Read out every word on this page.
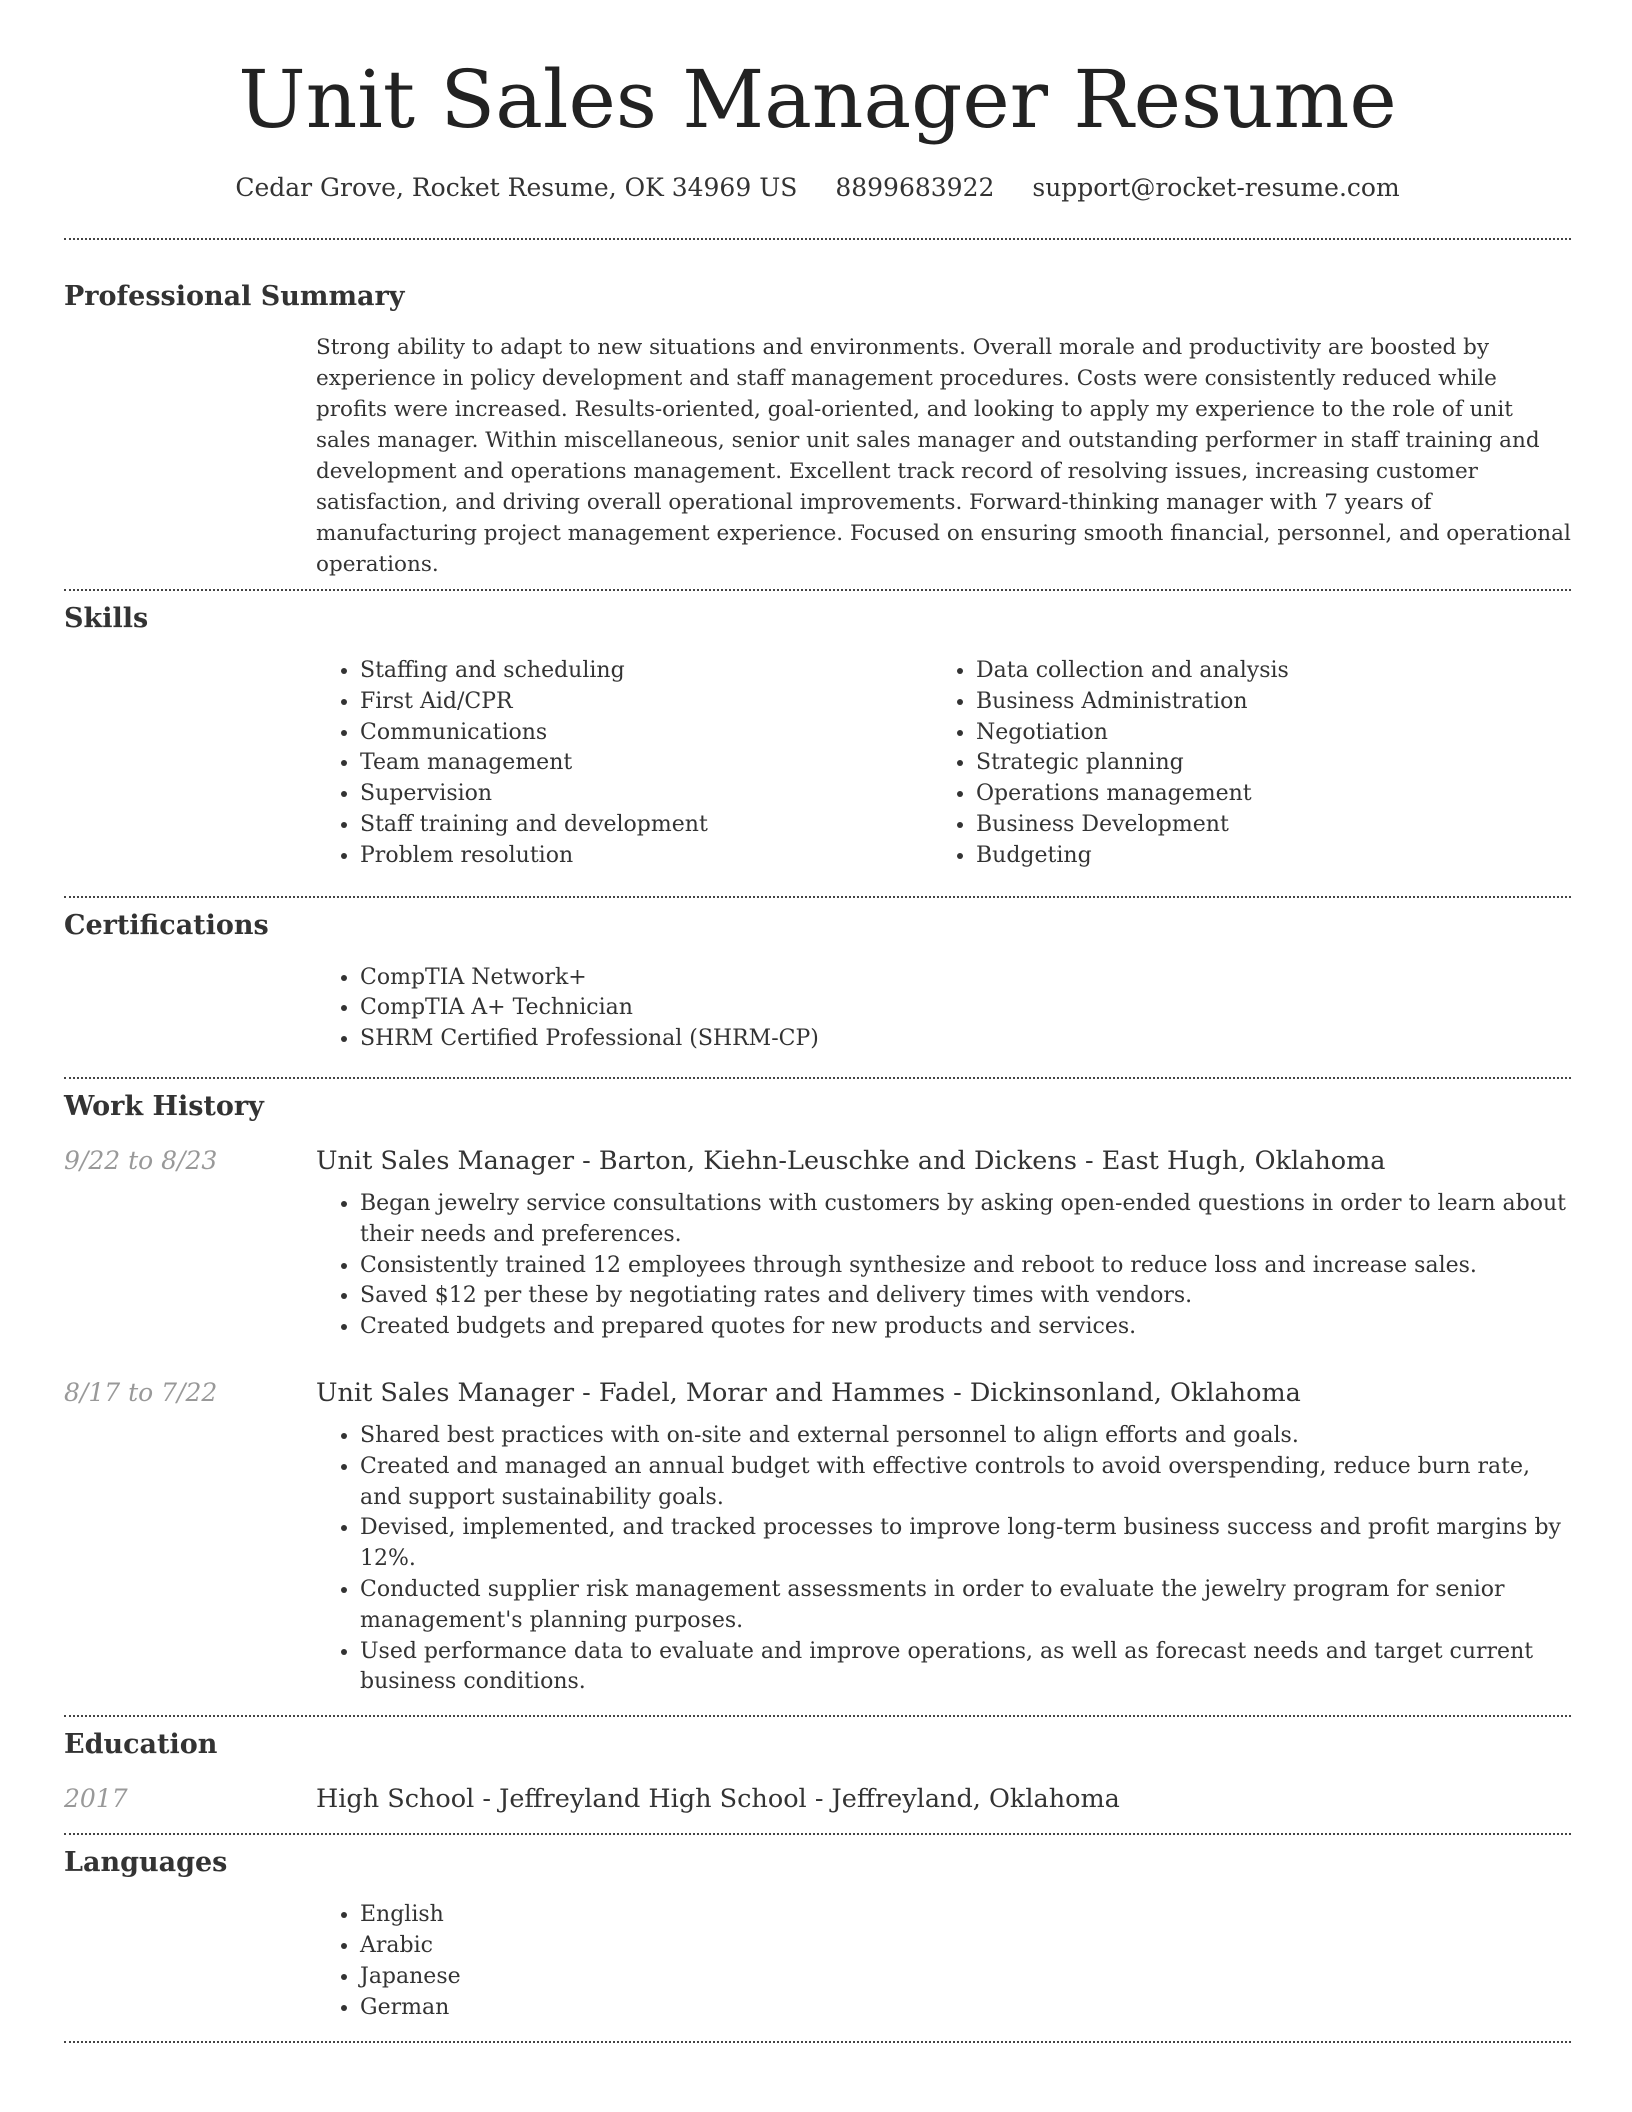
Unit Sales Manager Resume
Cedar Grove, Rocket Resume, OK 34969 US 8899683922 support@rocket-resume.com
Professional Summary
Strong ability to adapt to new situations and environments. Overall morale and productivity are boosted by experience in policy development and staff management procedures. Costs were consistently reduced while profits were increased. Results-oriented, goal-oriented, and looking to apply my experience to the role of unit sales manager. Within miscellaneous, senior unit sales manager and outstanding performer in staff training and development and operations management. Excellent track record of resolving issues, increasing customer satisfaction, and driving overall operational improvements. Forward-thinking manager with 7 years of manufacturing project management experience. Focused on ensuring smooth financial, personnel, and operational operations.
Skills
• Staffing and scheduling
• First Aid/CPR
• Communications
• Team management
• Supervision
• Staff training and development
• Problem resolution
• Data collection and analysis
• Business Administration
• Negotiation
• Strategic planning
• Operations management
• Business Development
• Budgeting
Certifications
• CompTIA Network+
• CompTIA A+ Technician
• SHRM Certified Professional (SHRM-CP)
Work History
9/22 to 8/23	Unit Sales Manager - Barton, Kiehn-Leuschke and Dickens - East Hugh, Oklahoma
• Began jewelry service consultations with customers by asking open-ended questions in order to learn about their needs and preferences.
• Consistently trained 12 employees through synthesize and reboot to reduce loss and increase sales.
• Saved $12 per these by negotiating rates and delivery times with vendors.
• Created budgets and prepared quotes for new products and services.
8/17 to 7/22	Unit Sales Manager - Fadel, Morar and Hammes - Dickinsonland, Oklahoma
• Shared best practices with on-site and external personnel to align efforts and goals.
• Created and managed an annual budget with effective controls to avoid overspending, reduce burn rate, and support sustainability goals.
• Devised, implemented, and tracked processes to improve long-term business success and profit margins by 12%.
• Conducted supplier risk management assessments in order to evaluate the jewelry program for senior management's planning purposes.
• Used performance data to evaluate and improve operations, as well as forecast needs and target current business conditions.
Education
2017	High School - Jeffreyland High School - Jeffreyland, Oklahoma
Languages
• English
• Arabic
• Japanese
• German
